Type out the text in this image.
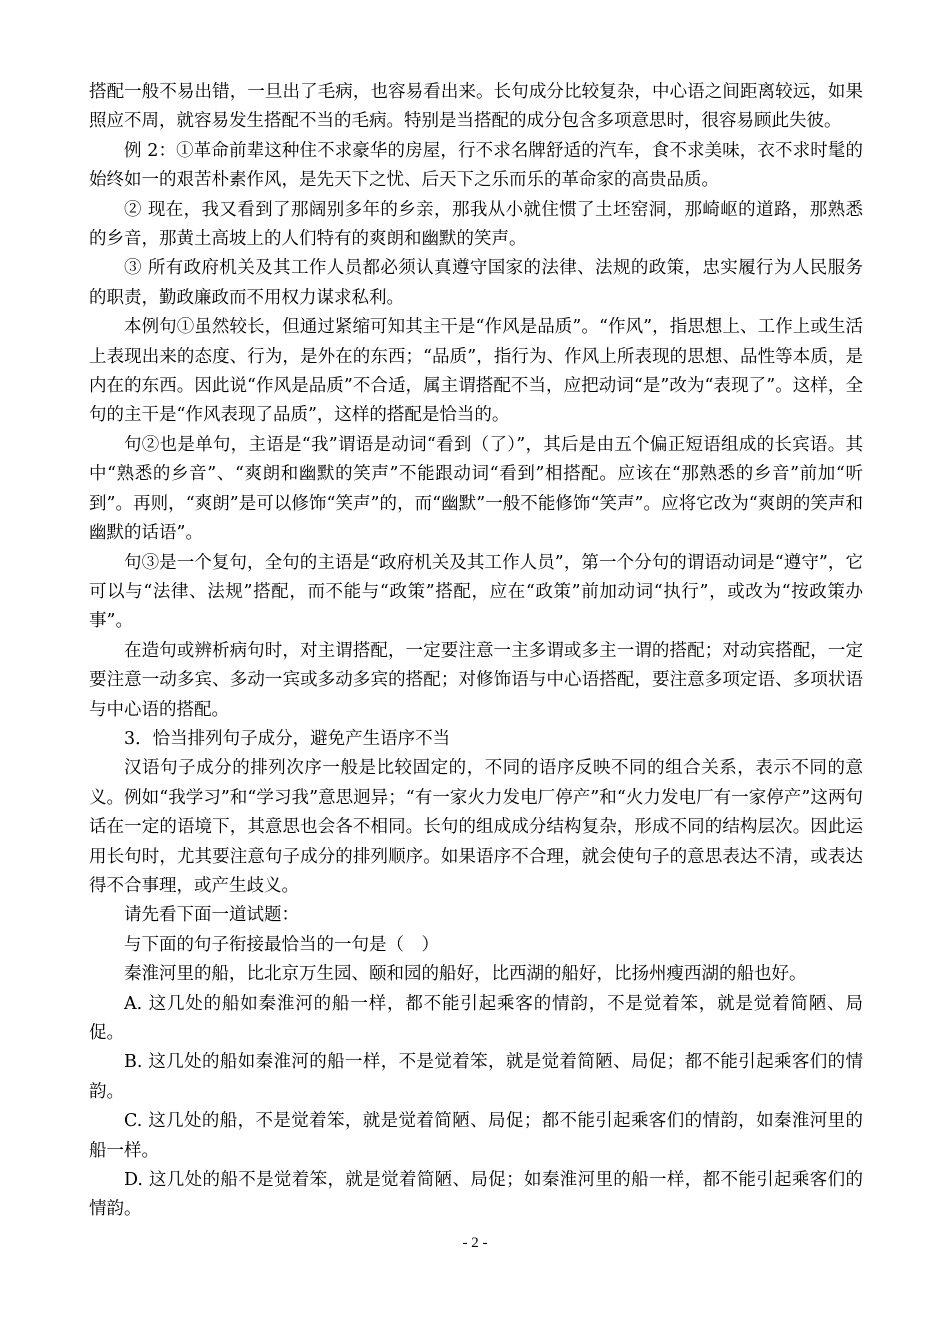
搭配一般不易出错，一旦出了毛病，也容易看出来。长句成分比较复杂，中心语之间距离较远，如果照应不周，就容易发生搭配不当的毛病。特别是当搭配的成分包含多项意思时，很容易顾此失彼。

例 2：①革命前辈这种住不求豪华的房屋，行不求名牌舒适的汽车，食不求美味，衣不求时髦的始终如一的艰苦朴素作风，是先天下之忧、后天下之乐而乐的革命家的高贵品质。

② 现在，我又看到了那阔别多年的乡亲，那我从小就住惯了土坯窑洞，那崎岖的道路，那熟悉的乡音，那黄土高坡上的人们特有的爽朗和幽默的笑声。

③ 所有政府机关及其工作人员都必须认真遵守国家的法律、法规的政策，忠实履行为人民服务的职责，勤政廉政而不用权力谋求私利。

本例句①虽然较长，但通过紧缩可知其主干是“作风是品质”。“作风”，指思想上、工作上或生活上表现出来的态度、行为，是外在的东西；“品质”，指行为、作风上所表现的思想、品性等本质，是内在的东西。因此说“作风是品质”不合适，属主谓搭配不当，应把动词“是”改为“表现了”。这样，全句的主干是“作风表现了品质”，这样的搭配是恰当的。

句②也是单句，主语是“我”谓语是动词“看到（了）”，其后是由五个偏正短语组成的长宾语。其中“熟悉的乡音”、“爽朗和幽默的笑声”不能跟动词“看到”相搭配。应该在“那熟悉的乡音”前加“听到”。再则，“爽朗”是可以修饰“笑声”的，而“幽默”一般不能修饰“笑声”。应将它改为“爽朗的笑声和幽默的话语”。

句③是一个复句，全句的主语是“政府机关及其工作人员”，第一个分句的谓语动词是“遵守”，它可以与“法律、法规”搭配，而不能与“政策”搭配，应在“政策”前加动词“执行”，或改为“按政策办事”。

在造句或辨析病句时，对主谓搭配，一定要注意一主多谓或多主一谓的搭配；对动宾搭配，一定要注意一动多宾、多动一宾或多动多宾的搭配；对修饰语与中心语搭配，要注意多项定语、多项状语与中心语的搭配。

3．恰当排列句子成分，避免产生语序不当

汉语句子成分的排列次序一般是比较固定的，不同的语序反映不同的组合关系，表示不同的意义。例如“我学习”和“学习我”意思迥异；“有一家火力发电厂停产”和“火力发电厂有一家停产”这两句话在一定的语境下，其意思也会各不相同。长句的组成成分结构复杂，形成不同的结构层次。因此运用长句时，尤其要注意句子成分的排列顺序。如果语序不合理，就会使句子的意思表达不清，或表达得不合事理，或产生歧义。

请先看下面一道试题：

与下面的句子衔接最恰当的一句是（　）

秦淮河里的船，比北京万生园、颐和园的船好，比西湖的船好，比扬州瘦西湖的船也好。

A. 这几处的船如秦淮河的船一样，都不能引起乘客的情韵，不是觉着笨，就是觉着简陋、局促。

B. 这几处的船如秦淮河的船一样，不是觉着笨，就是觉着简陋、局促；都不能引起乘客们的情韵。

C. 这几处的船，不是觉着笨，就是觉着简陋、局促；都不能引起乘客们的情韵，如秦淮河里的船一样。

D. 这几处的船不是觉着笨，就是觉着简陋、局促；如秦淮河里的船一样，都不能引起乘客们的情韵。

- 2 -
